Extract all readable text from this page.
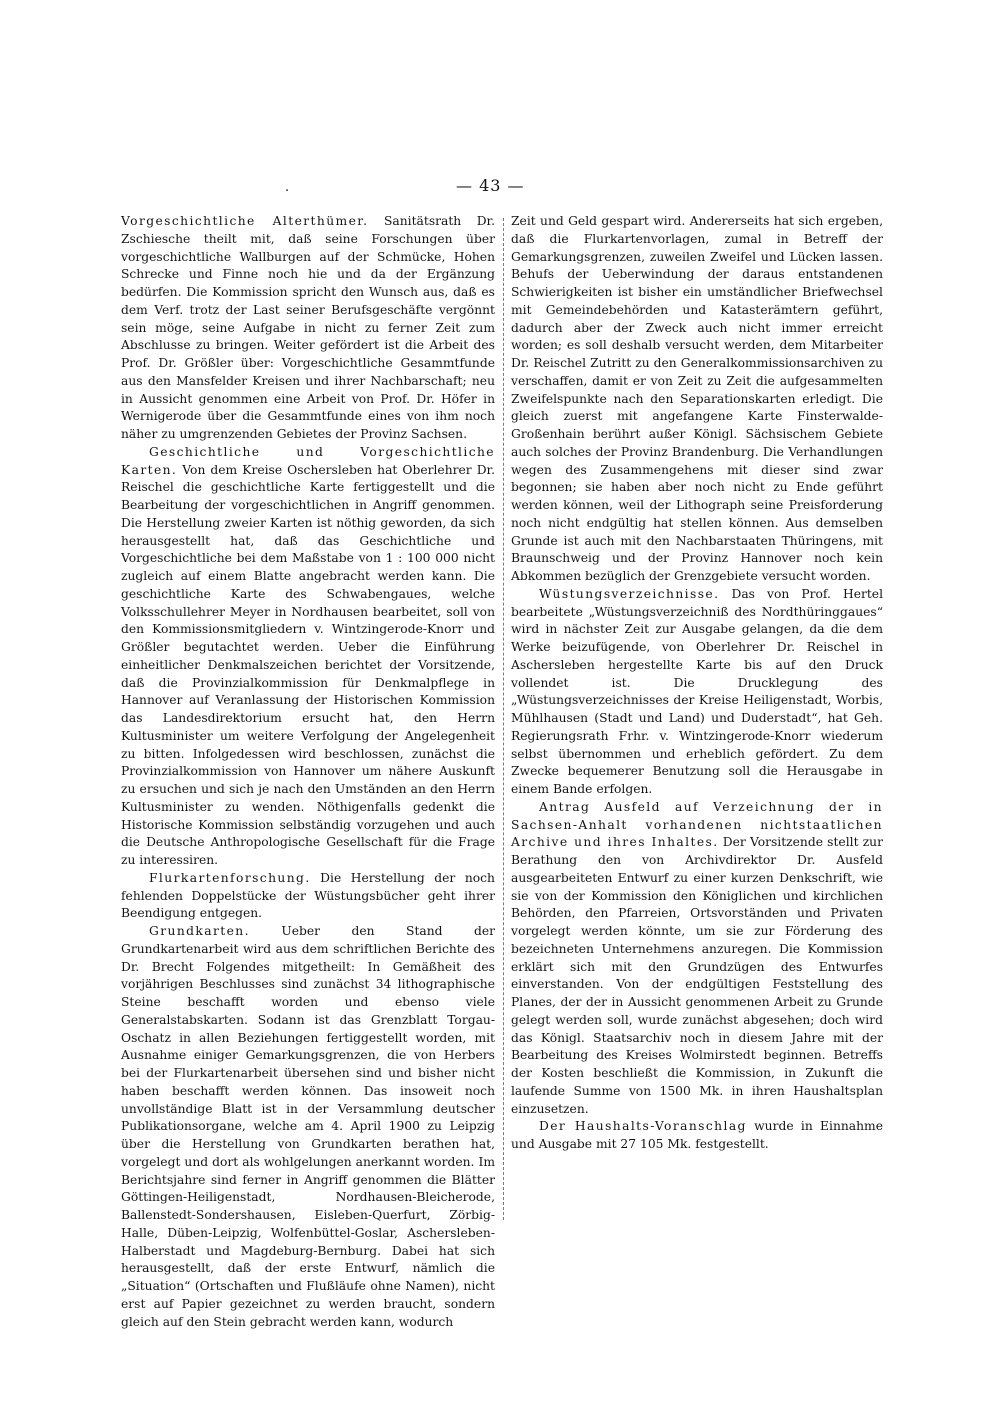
.	— 43 —

Vorgeschichtliche Alterthümer. Sanitätsrath Dr. Zschiesche theilt mit, daß seine Forschungen über vorgeschichtliche Wallburgen auf der Schmücke, Hohen Schrecke und Finne noch hie und da der Ergänzung bedürfen. Die Kommission spricht den Wunsch aus, daß es dem Verf. trotz der Last seiner Berufsgeschäfte vergönnt sein möge, seine Aufgabe in nicht zu ferner Zeit zum Abschlusse zu bringen. Weiter gefördert ist die Arbeit des Prof. Dr. Größler über: Vorgeschichtliche Gesammtfunde aus den Mansfelder Kreisen und ihrer Nachbarschaft; neu in Aussicht genommen eine Arbeit von Prof. Dr. Höfer in Wernigerode über die Gesammtfunde eines von ihm noch näher zu umgrenzenden Gebietes der Provinz Sachsen.

Geschichtliche und Vorgeschichtliche Karten. Von dem Kreise Oschersleben hat Oberlehrer Dr. Reischel die geschichtliche Karte fertiggestellt und die Bearbeitung der vorgeschichtlichen in Angriff genommen. Die Herstellung zweier Karten ist nöthig geworden, da sich herausgestellt hat, daß das Geschichtliche und Vorgeschichtliche bei dem Maßstabe von 1 : 100 000 nicht zugleich auf einem Blatte angebracht werden kann. Die geschichtliche Karte des Schwabengaues, welche Volksschullehrer Meyer in Nordhausen bearbeitet, soll von den Kommissionsmitgliedern v. Wintzingerode-Knorr und Größler begutachtet werden. Ueber die Einführung einheitlicher Denkmalszeichen berichtet der Vorsitzende, daß die Provinzialkommission für Denkmalpflege in Hannover auf Veranlassung der Historischen Kommission das Landesdirektorium ersucht hat, den Herrn Kultusminister um weitere Verfolgung der Angelegenheit zu bitten. Infolgedessen wird beschlossen, zunächst die Provinzialkommission von Hannover um nähere Auskunft zu ersuchen und sich je nach den Umständen an den Herrn Kultusminister zu wenden. Nöthigenfalls gedenkt die Historische Kommission selbständig vorzugehen und auch die Deutsche Anthropologische Gesellschaft für die Frage zu interessiren.

Flurkartenforschung. Die Herstellung der noch fehlenden Doppelstücke der Wüstungsbücher geht ihrer Beendigung entgegen.

Grundkarten.	Ueber den Stand der Grundkartenarbeit wird aus dem schriftlichen Berichte des Dr. Brecht Folgendes mitgetheilt: In Gemäßheit des vorjährigen Beschlusses sind zunächst 34 lithographische Steine beschafft worden und ebenso viele Generalstabskarten. Sodann ist das Grenzblatt Torgau-Oschatz in allen Beziehungen fertiggestellt worden, mit Ausnahme einiger Gemarkungsgrenzen, die von Herbers bei der Flurkartenarbeit übersehen sind und bisher nicht haben beschafft werden können. Das insoweit noch unvollständige Blatt ist in der Versammlung deutscher Publikationsorgane, welche am 4. April 1900 zu Leipzig über die Herstellung von Grundkarten berathen hat, vorgelegt und dort als wohlgelungen anerkannt worden. Im Berichtsjahre sind ferner in Angriff genommen die Blätter Göttingen-Heiligenstadt, Nordhausen-Bleicherode, Ballenstedt-Sondershausen, Eisleben-Querfurt, Zörbig-Halle, Düben-Leipzig, Wolfenbüttel-Goslar, Aschersleben-Halberstadt und Magdeburg-Bernburg. Dabei hat sich herausgestellt, daß der erste Entwurf, nämlich die „Situation“ (Ortschaften und Flußläufe ohne Namen), nicht erst auf Papier gezeichnet zu werden braucht, sondern gleich auf den Stein gebracht werden kann, wodurch

Zeit und Geld gespart wird. Andererseits hat sich ergeben, daß die Flurkartenvorlagen, zumal in Betreff der Gemarkungsgrenzen, zuweilen Zweifel und Lücken lassen. Behufs der Ueberwindung der daraus entstandenen Schwierigkeiten ist bisher ein umständlicher Briefwechsel mit Gemeindebehörden und Katasterämtern geführt, dadurch aber der Zweck auch nicht immer erreicht worden; es soll deshalb versucht werden, dem Mitarbeiter Dr. Reischel Zutritt zu den Generalkommissionsarchiven zu verschaffen, damit er von Zeit zu Zeit die aufgesammelten Zweifelspunkte nach den Separationskarten erledigt. Die gleich zuerst mit angefangene Karte Finsterwalde-Großenhain berührt außer Königl. Sächsischem Gebiete auch solches der Provinz Brandenburg. Die Verhandlungen wegen des Zusammengehens mit dieser sind zwar begonnen; sie haben aber noch nicht zu Ende geführt werden können, weil der Lithograph seine Preisforderung noch nicht endgültig hat stellen können. Aus demselben Grunde ist auch mit den Nachbarstaaten Thüringens, mit Braunschweig und der Provinz Hannover noch kein Abkommen bezüglich der Grenzgebiete versucht worden.

Wüstungsverzeichnisse. Das von Prof. Hertel bearbeitete „Wüstungsverzeichniß des Nordthüringgaues“ wird in nächster Zeit zur Ausgabe gelangen, da die dem Werke beizufügende, von Oberlehrer Dr. Reischel in Aschersleben hergestellte Karte bis auf den Druck vollendet ist. Die Drucklegung des „Wüstungsverzeichnisses der Kreise Heiligenstadt, Worbis, Mühlhausen (Stadt und Land) und Duderstadt“, hat Geh. Regierungsrath Frhr. v. Wintzingerode-Knorr wiederum selbst übernommen und erheblich gefördert. Zu dem Zwecke bequemerer Benutzung soll die Herausgabe in einem Bande erfolgen.

Antrag Ausfeld auf Verzeichnung der in Sachsen-Anhalt vorhandenen nichtstaatlichen Archive und ihres Inhaltes. Der Vorsitzende stellt zur Berathung den von Archivdirektor Dr. Ausfeld ausgearbeiteten Entwurf zu einer kurzen Denkschrift, wie sie von der Kommission den Königlichen und kirchlichen Behörden, den Pfarreien, Ortsvorständen und Privaten vorgelegt werden könnte, um sie zur Förderung des bezeichneten Unternehmens anzuregen. Die Kommission erklärt sich mit den Grundzügen des Entwurfes einverstanden. Von der endgültigen Feststellung des Planes, der der in Aussicht genommenen Arbeit zu Grunde gelegt werden soll, wurde zunächst abgesehen; doch wird das Königl. Staatsarchiv noch in diesem Jahre mit der Bearbeitung des Kreises Wolmirstedt beginnen. Betreffs der Kosten beschließt die Kommission, in Zukunft die laufende Summe von 1500 Mk. in ihren Haushaltsplan einzusetzen.

Der Haushalts-Voranschlag wurde in Einnahme und Ausgabe mit 27 105 Mk. festgestellt.
